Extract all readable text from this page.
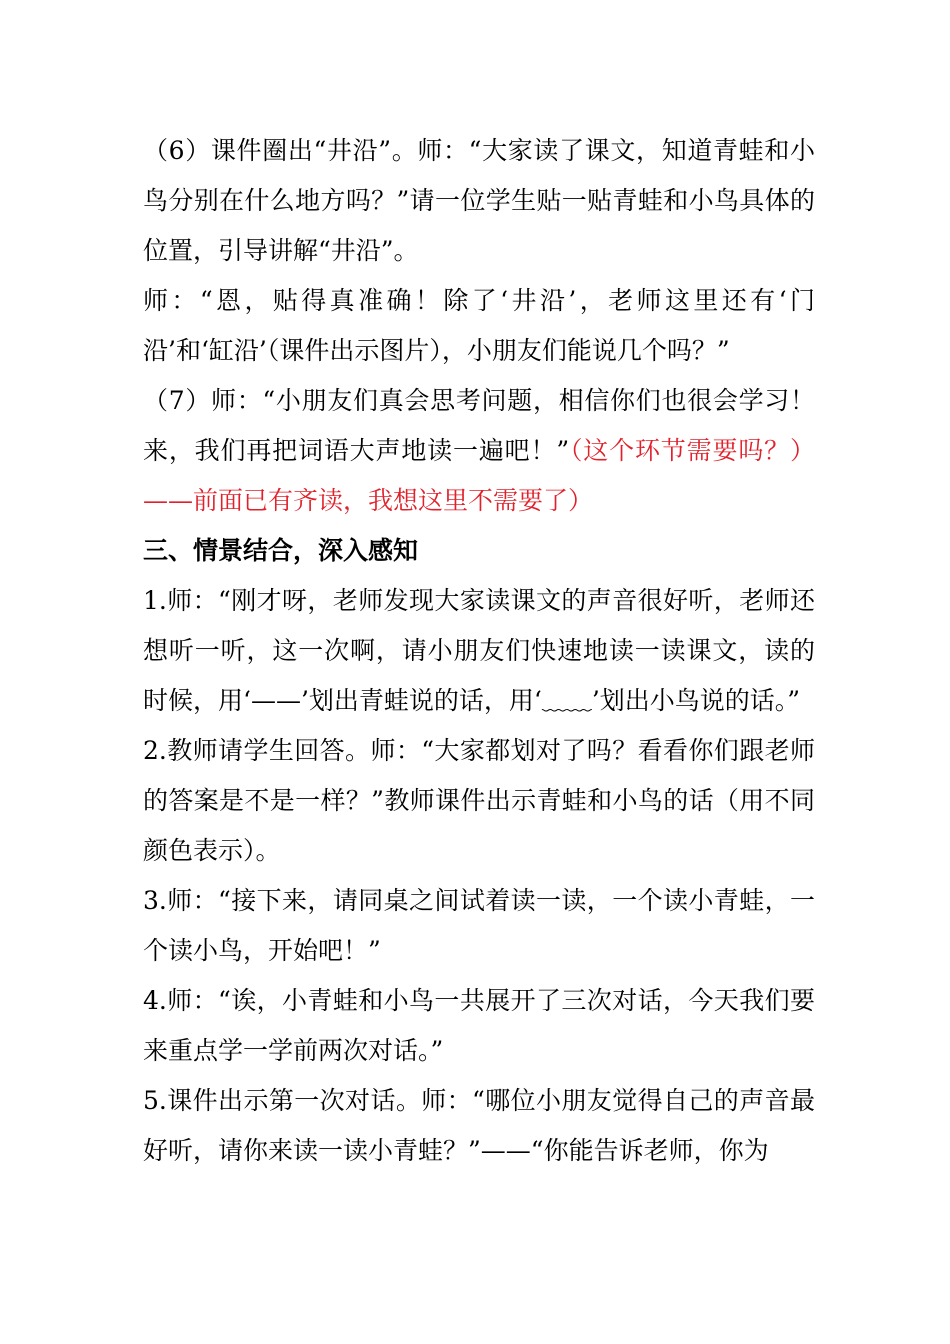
（6）课件圈出“井沿”。师：“大家读了课文，知道青蛙和小鸟分别在什么地方吗？”请一位学生贴一贴青蛙和小鸟具体的位置，引导讲解“井沿”。

师：“恩，贴得真准确！除了‘井沿’，老师这里还有‘门沿’和‘缸沿’（课件出示图片），小朋友们能说几个吗？”

（7）师：“小朋友们真会思考问题，相信你们也很会学习！来，我们再把词语大声地读一遍吧！”（这个环节需要吗？）——前面已有齐读，我想这里不需要了）

三、情景结合，深入感知

1.师：“刚才呀，老师发现大家读课文的声音很好听，老师还想听一听，这一次啊，请小朋友们快速地读一读课文，读的时候，用‘——’划出青蛙说的话，用‘﹏﹏’划出小鸟说的话。”

2.教师请学生回答。师：“大家都划对了吗？看看你们跟老师的答案是不是一样？”教师课件出示青蛙和小鸟的话（用不同颜色表示）。

3.师：“接下来，请同桌之间试着读一读，一个读小青蛙，一个读小鸟，开始吧！”

4.师：“诶，小青蛙和小鸟一共展开了三次对话，今天我们要来重点学一学前两次对话。”

5.课件出示第一次对话。师：“哪位小朋友觉得自己的声音最好听，请你来读一读小青蛙？”——“你能告诉老师，你为
